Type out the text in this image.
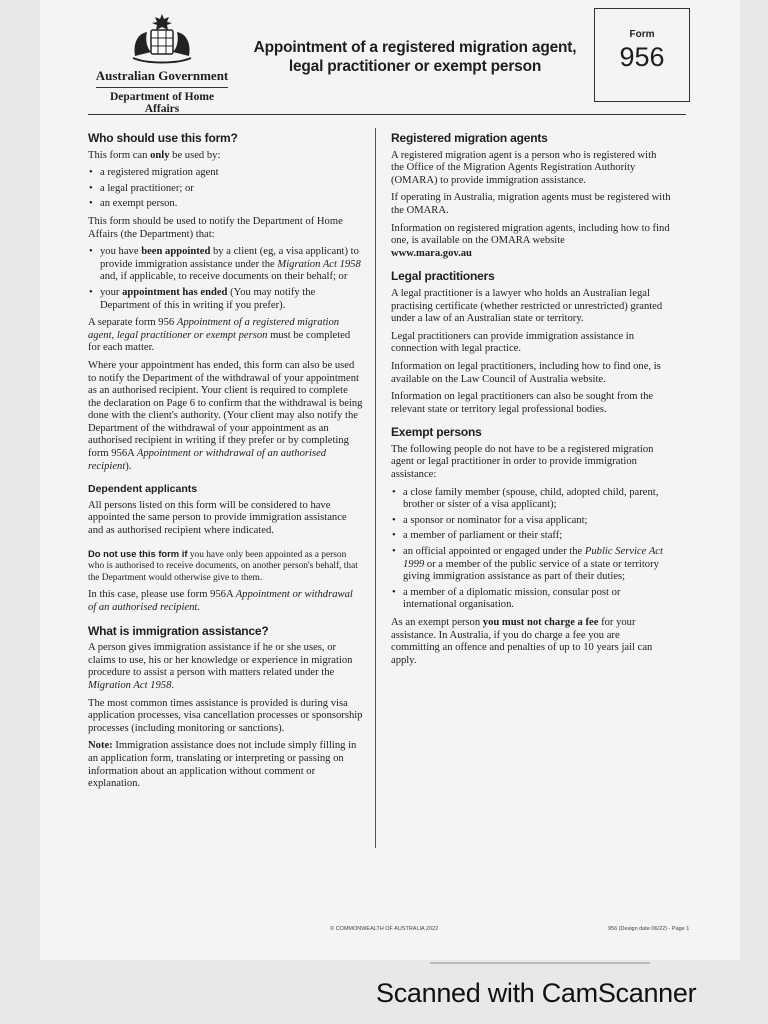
Australian Government
Department of Home Affairs
Appointment of a registered migration agent,
legal practitioner or exempt person
Form
956
Who should use this form?

This form can only be used by:

• a registered migration agent
• a legal practitioner; or
• an exempt person.

This form should be used to notify the Department of Home Affairs (the Department) that:

• you have been appointed by a client (eg, a visa applicant) to provide immigration assistance under the Migration Act 1958 and, if applicable, to receive documents on their behalf; or
• your appointment has ended (You may notify the Department of this in writing if you prefer).

A separate form 956 Appointment of a registered migration agent, legal practitioner or exempt person must be completed for each matter.

Where your appointment has ended, this form can also be used to notify the Department of the withdrawal of your appointment as an authorised recipient. Your client is required to complete the declaration on Page 6 to confirm that the withdrawal is being done with the client's authority. (Your client may also notify the Department of the withdrawal of your appointment as an authorised recipient in writing if they prefer or by completing form 956A Appointment or withdrawal of an authorised recipient).

Dependent applicants

All persons listed on this form will be considered to have appointed the same person to provide immigration assistance and as authorised recipient where indicated.

Do not use this form if you have only been appointed as a person who is authorised to receive documents, on another person's behalf, that the Department would otherwise give to them.

In this case, please use form 956A Appointment or withdrawal of an authorised recipient.

What is immigration assistance?

A person gives immigration assistance if he or she uses, or claims to use, his or her knowledge or experience in migration procedure to assist a person with matters related under the Migration Act 1958.

The most common times assistance is provided is during visa application processes, visa cancellation processes or sponsorship processes (including monitoring or sanctions).

Note: Immigration assistance does not include simply filling in an application form, translating or interpreting or passing on information about an application without comment or explanation.

Registered migration agents

A registered migration agent is a person who is registered with the Office of the Migration Agents Registration Authority (OMARA) to provide immigration assistance.

If operating in Australia, migration agents must be registered with the OMARA.

Information on registered migration agents, including how to find one, is available on the OMARA website
www.mara.gov.au

Legal practitioners

A legal practitioner is a lawyer who holds an Australian legal practising certificate (whether restricted or unrestricted) granted under a law of an Australian state or territory.

Legal practitioners can provide immigration assistance in connection with legal practice.

Information on legal practitioners, including how to find one, is available on the Law Council of Australia website.

Information on legal practitioners can also be sought from the relevant state or territory legal professional bodies.

Exempt persons

The following people do not have to be a registered migration agent or legal practitioner in order to provide immigration assistance:

• a close family member (spouse, child, adopted child, parent, brother or sister of a visa applicant);
• a sponsor or nominator for a visa applicant;
• a member of parliament or their staff;
• an official appointed or engaged under the Public Service Act 1999 or a member of the public service of a state or territory giving immigration assistance as part of their duties;
• a member of a diplomatic mission, consular post or international organisation.

As an exempt person you must not charge a fee for your assistance. In Australia, if you do charge a fee you are committing an offence and penalties of up to 10 years jail can apply.

© COMMONWEALTH OF AUSTRALIA 2022	956 (Design date 06/22) - Page 1
Scanned with CamScanner
